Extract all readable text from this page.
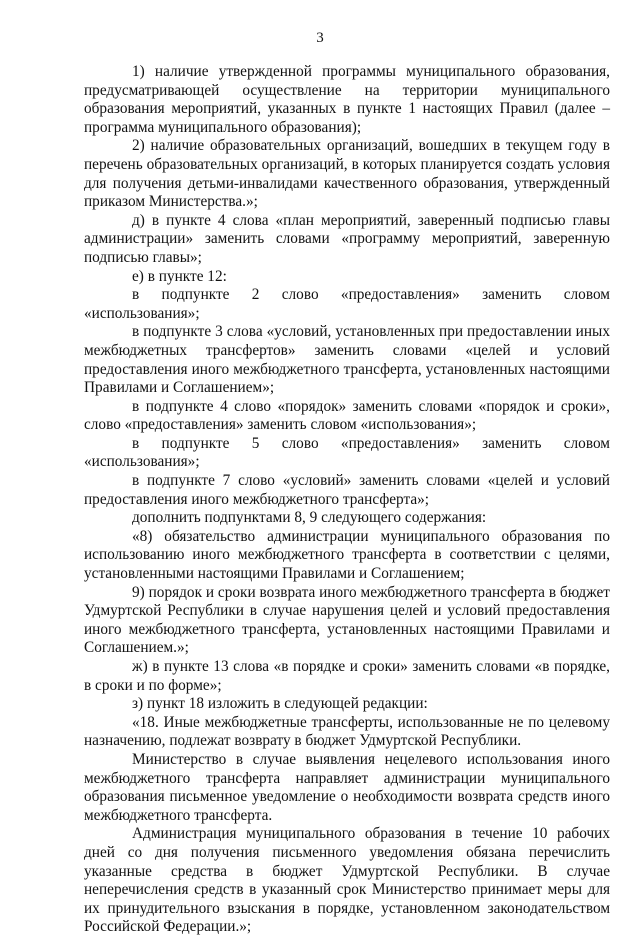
3

1) наличие утвержденной программы муниципального образования, предусматривающей осуществление на территории муниципального образования мероприятий, указанных в пункте 1 настоящих Правил (далее – программа муниципального образования);

2) наличие образовательных организаций, вошедших в текущем году в перечень образовательных организаций, в которых планируется создать условия для получения детьми-инвалидами качественного образования, утвержденный приказом Министерства.»;

д) в пункте 4 слова «план мероприятий, заверенный подписью главы администрации» заменить словами «программу мероприятий, заверенную подписью главы»;

е) в пункте 12:

в подпункте 2 слово «предоставления» заменить словом «использования»;

в подпункте 3 слова «условий, установленных при предоставлении иных межбюджетных трансфертов» заменить словами «целей и условий предоставления иного межбюджетного трансферта, установленных настоящими Правилами и Соглашением»;

в подпункте 4 слово «порядок» заменить словами «порядок и сроки», слово «предоставления» заменить словом «использования»;

в подпункте 5 слово «предоставления» заменить словом «использования»;

в подпункте 7 слово «условий» заменить словами «целей и условий предоставления иного межбюджетного трансферта»;

дополнить подпунктами 8, 9 следующего содержания:

«8) обязательство администрации муниципального образования по использованию иного межбюджетного трансферта в соответствии с целями, установленными настоящими Правилами и Соглашением;

9) порядок и сроки возврата иного межбюджетного трансферта в бюджет Удмуртской Республики в случае нарушения целей и условий предоставления иного межбюджетного трансферта, установленных настоящими Правилами и Соглашением.»;

ж) в пункте 13 слова «в порядке и сроки» заменить словами «в порядке, в сроки и по форме»;

з) пункт 18 изложить в следующей редакции:

«18. Иные межбюджетные трансферты, использованные не по целевому назначению, подлежат возврату в бюджет Удмуртской Республики.

Министерство в случае выявления нецелевого использования иного межбюджетного трансферта направляет администрации муниципального образования письменное уведомление о необходимости возврата средств иного межбюджетного трансферта.

Администрация муниципального образования в течение 10 рабочих дней со дня получения письменного уведомления обязана перечислить указанные средства в бюджет Удмуртской Республики. В случае неперечисления средств в указанный срок Министерство принимает меры для их принудительного взыскания в порядке, установленном законодательством Российской Федерации.»;
